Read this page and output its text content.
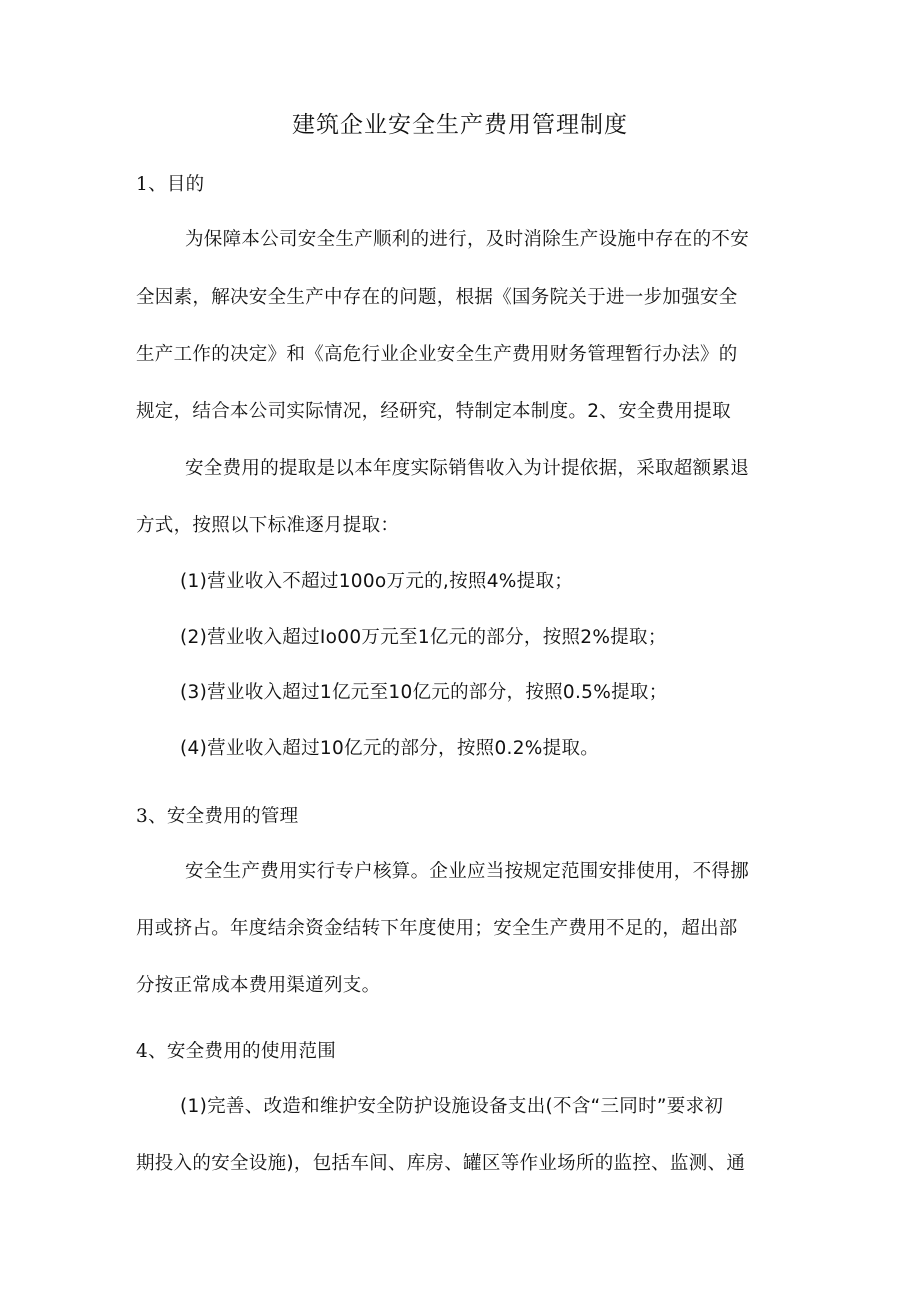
建筑企业安全生产费用管理制度
1、目的
为保障本公司安全生产顺利的进行，及时消除生产设施中存在的不安
全因素，解决安全生产中存在的问题，根据《国务院关于进一步加强安全
生产工作的决定》和《高危行业企业安全生产费用财务管理暂行办法》的
规定，结合本公司实际情况，经研究，特制定本制度。2、安全费用提取
安全费用的提取是以本年度实际销售收入为计提依据，采取超额累退
方式，按照以下标准逐月提取：
(1)营业收入不超过100o万元的,按照4%提取；
(2)营业收入超过Io00万元至1亿元的部分，按照2%提取；
(3)营业收入超过1亿元至10亿元的部分，按照0.5%提取；
(4)营业收入超过10亿元的部分，按照0.2%提取。
3、安全费用的管理
安全生产费用实行专户核算。企业应当按规定范围安排使用，不得挪
用或挤占。年度结余资金结转下年度使用；安全生产费用不足的，超出部
分按正常成本费用渠道列支。
4、安全费用的使用范围
(1)完善、改造和维护安全防护设施设备支出(不含“三同时”要求初
期投入的安全设施)，包括车间、库房、罐区等作业场所的监控、监测、通
